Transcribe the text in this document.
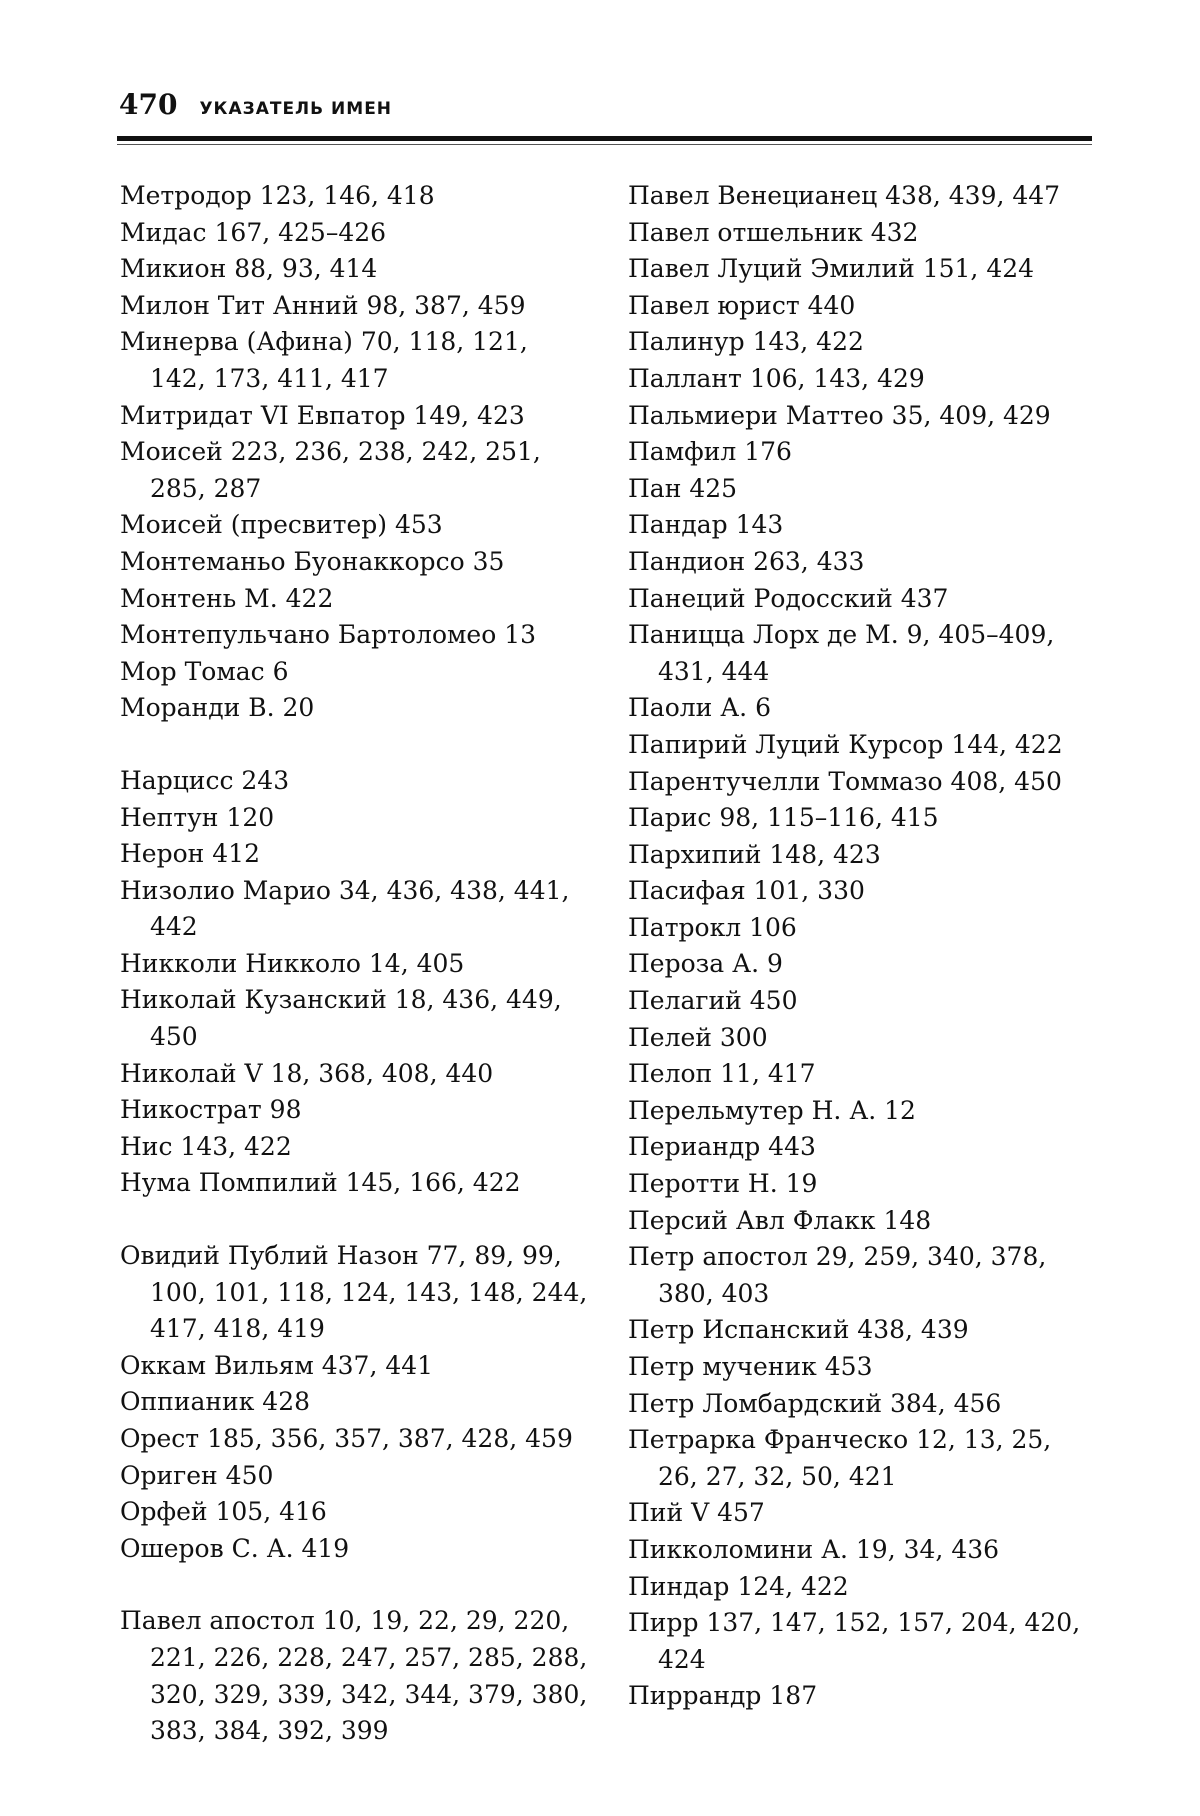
470 УКАЗАТЕЛЬ ИМЕН
Метродор 123, 146, 418
Мидас 167, 425–426
Микион 88, 93, 414
Милон Тит Анний 98, 387, 459
Минерва (Афина) 70, 118, 121, 142, 173, 411, 417
Митридат VI Евпатор 149, 423
Моисей 223, 236, 238, 242, 251, 285, 287
Моисей (пресвитер) 453
Монтеманьо Буонаккорсо 35
Монтень М. 422
Монтепульчано Бартоломео 13
Мор Томас 6
Моранди В. 20
Нарцисс 243
Нептун 120
Нерон 412
Низолио Марио 34, 436, 438, 441, 442
Никколи Никколо 14, 405
Николай Кузанский 18, 436, 449, 450
Николай V 18, 368, 408, 440
Никострат 98
Нис 143, 422
Нума Помпилий 145, 166, 422
Овидий Публий Назон 77, 89, 99, 100, 101, 118, 124, 143, 148, 244, 417, 418, 419
Оккам Вильям 437, 441
Оппианик 428
Орест 185, 356, 357, 387, 428, 459
Ориген 450
Орфей 105, 416
Ошеров С. А. 419
Павел апостол 10, 19, 22, 29, 220, 221, 226, 228, 247, 257, 285, 288, 320, 329, 339, 342, 344, 379, 380, 383, 384, 392, 399
Павел Венецианец 438, 439, 447
Павел отшельник 432
Павел Луций Эмилий 151, 424
Павел юрист 440
Палинур 143, 422
Паллант 106, 143, 429
Пальмиери Маттео 35, 409, 429
Памфил 176
Пан 425
Пандар 143
Пандион 263, 433
Панеций Родосский 437
Паницца Лорх де М. 9, 405–409, 431, 444
Паоли А. 6
Папирий Луций Курсор 144, 422
Парентучелли Томмазо 408, 450
Парис 98, 115–116, 415
Пархипий 148, 423
Пасифая 101, 330
Патрокл 106
Пероза А. 9
Пелагий 450
Пелей 300
Пелоп 11, 417
Перельмутер Н. А. 12
Периандр 443
Перотти Н. 19
Персий Авл Флакк 148
Петр апостол 29, 259, 340, 378, 380, 403
Петр Испанский 438, 439
Петр мученик 453
Петр Ломбардский 384, 456
Петрарка Франческо 12, 13, 25, 26, 27, 32, 50, 421
Пий V 457
Пикколомини А. 19, 34, 436
Пиндар 124, 422
Пирр 137, 147, 152, 157, 204, 420, 424
Пиррандр 187
